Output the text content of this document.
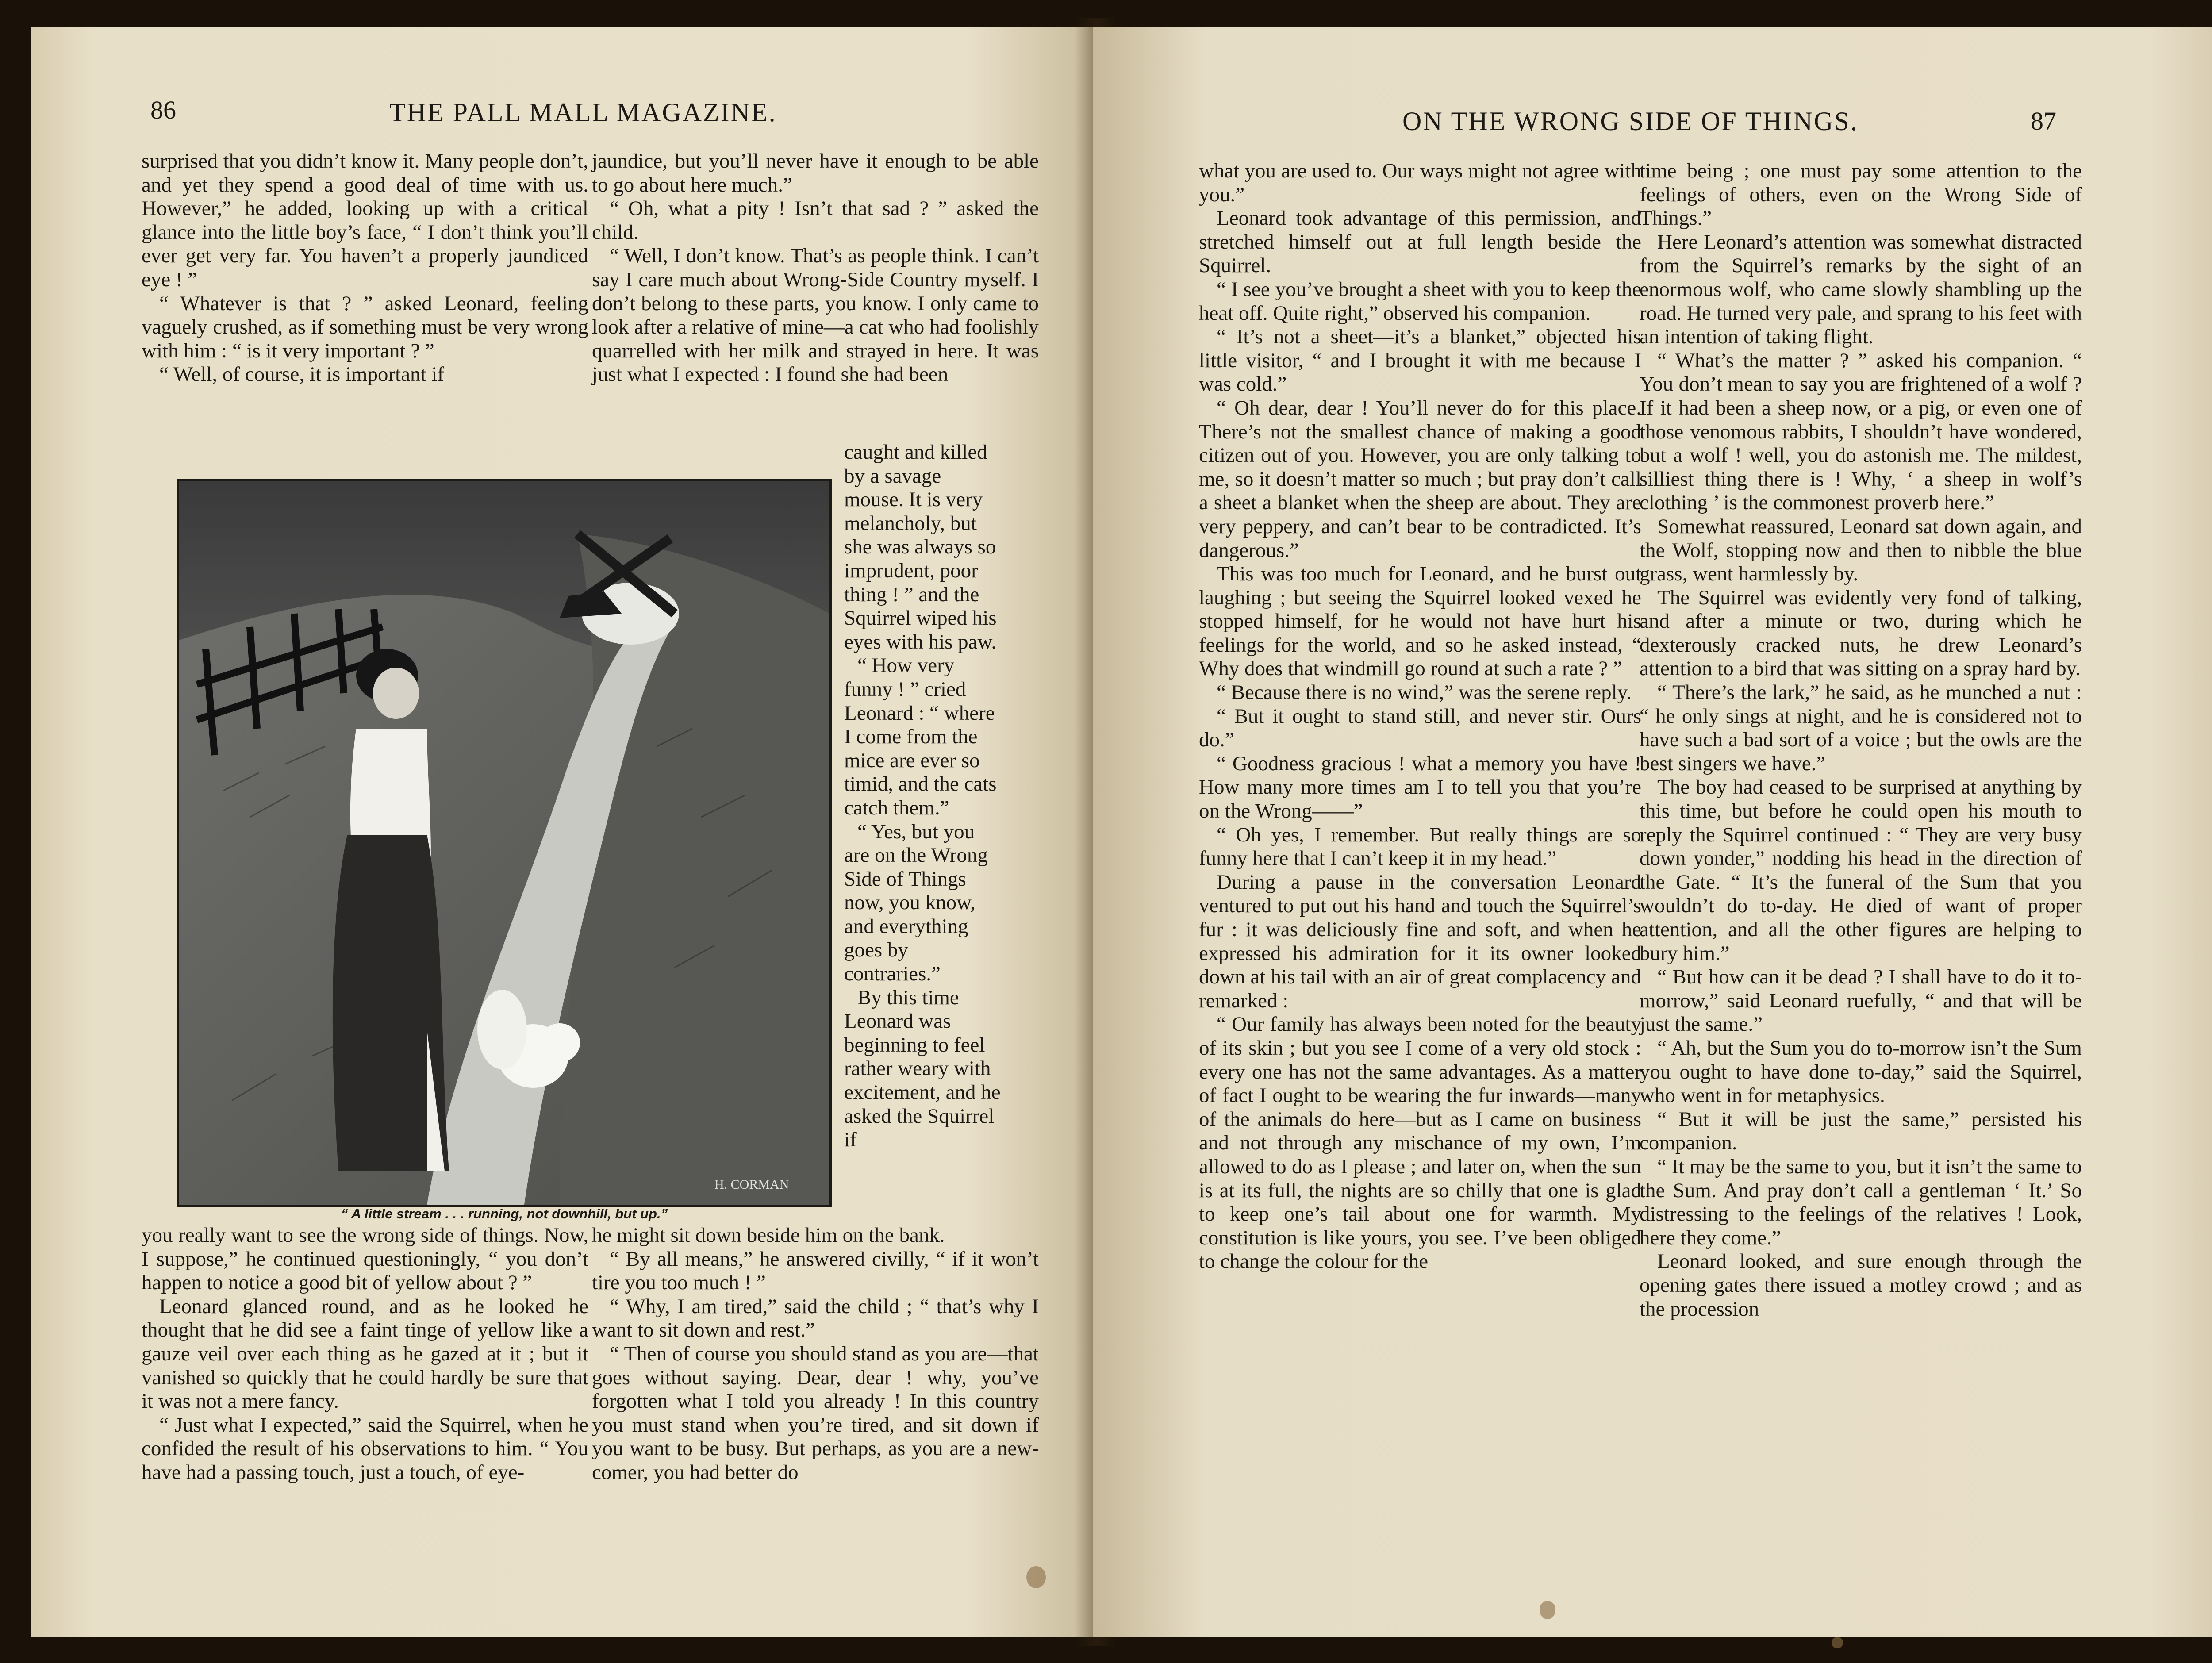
86	THE PALL MALL MAGAZINE.

surprised that you didn’t know it. Many people don’t, and yet they spend a good deal of time with us. However,” he added, looking up with a critical glance into the little boy’s face, “ I don’t think you’ll ever get very far. You haven’t a properly jaundiced eye ! ”

“ Whatever is that ? ” asked Leonard, feeling vaguely crushed, as if something must be very wrong with him : “ is it very important ? ”

“ Well, of course, it is important if

jaundice, but you’ll never have it enough to be able to go about here much.”

“ Oh, what a pity ! Isn’t that sad ? ” asked the child.

“ Well, I don’t know. That’s as people think. I can’t say I care much about Wrong-Side Country myself. I don’t belong to these parts, you know. I only came to look after a relative of mine—a cat who had foolishly quarrelled with her milk and strayed in here. It was just what I expected : I found she had been

H. CORMAN
“ A little stream . . . running, not downhill, but up.”

caught and killed by a savage mouse. It is very melancholy, but she was always so imprudent, poor thing ! ” and the Squirrel wiped his eyes with his paw.

“ How very funny ! ” cried Leonard : “ where I come from the mice are ever so timid, and the cats catch them.”

“ Yes, but you are on the Wrong Side of Things now, you know, and everything goes by contraries.”

By this time Leonard was beginning to feel rather weary with excitement, and he asked the Squirrel if

you really want to see the wrong side of things. Now, I suppose,” he continued questioningly, “ you don’t happen to notice a good bit of yellow about ? ”

Leonard glanced round, and as he looked he thought that he did see a faint tinge of yellow like a gauze veil over each thing as he gazed at it ; but it vanished so quickly that he could hardly be sure that it was not a mere fancy.

“ Just what I expected,” said the Squirrel, when he confided the result of his observations to him. “ You have had a passing touch, just a touch, of eye-

he might sit down beside him on the bank.

“ By all means,” he answered civilly, “ if it won’t tire you too much ! ”

“ Why, I am tired,” said the child ; “ that’s why I want to sit down and rest.”

“ Then of course you should stand as you are—that goes without saying. Dear, dear ! why, you’ve forgotten what I told you already ! In this country you must stand when you’re tired, and sit down if you want to be busy. But perhaps, as you are a new-comer, you had better do

ON THE WRONG SIDE OF THINGS.	87

what you are used to. Our ways might not agree with you.”

Leonard took advantage of this permission, and stretched himself out at full length beside the Squirrel.

“ I see you’ve brought a sheet with you to keep the heat off. Quite right,” observed his companion.

“ It’s not a sheet—it’s a blanket,” objected his little visitor, “ and I brought it with me because I was cold.”

“ Oh dear, dear ! You’ll never do for this place. There’s not the smallest chance of making a good citizen out of you. However, you are only talking to me, so it doesn’t matter so much ; but pray don’t call a sheet a blanket when the sheep are about. They are very peppery, and can’t bear to be contradicted. It’s dangerous.”

This was too much for Leonard, and he burst out laughing ; but seeing the Squirrel looked vexed he stopped himself, for he would not have hurt his feelings for the world, and so he asked instead, “ Why does that windmill go round at such a rate ? ”

“ Because there is no wind,” was the serene reply.

“ But it ought to stand still, and never stir. Ours do.”

“ Goodness gracious ! what a memory you have ! How many more times am I to tell you that you’re on the Wrong——”

“ Oh yes, I remember. But really things are so funny here that I can’t keep it in my head.”

During a pause in the conversation Leonard ventured to put out his hand and touch the Squirrel’s fur : it was deliciously fine and soft, and when he expressed his admiration for it its owner looked down at his tail with an air of great complacency and remarked :

“ Our family has always been noted for the beauty of its skin ; but you see I come of a very old stock : every one has not the same advantages. As a matter of fact I ought to be wearing the fur inwards—many of the animals do here—but as I came on business and not through any mischance of my own, I’m allowed to do as I please ; and later on, when the sun is at its full, the nights are so chilly that one is glad to keep one’s tail about one for warmth. My constitution is like yours, you see. I’ve been obliged to change the colour for the

time being ; one must pay some attention to the feelings of others, even on the Wrong Side of Things.”

Here Leonard’s attention was somewhat distracted from the Squirrel’s remarks by the sight of an enormous wolf, who came slowly shambling up the road. He turned very pale, and sprang to his feet with an intention of taking flight.

“ What’s the matter ? ” asked his companion. “ You don’t mean to say you are frightened of a wolf ? If it had been a sheep now, or a pig, or even one of those venomous rabbits, I shouldn’t have wondered, but a wolf ! well, you do astonish me. The mildest, silliest thing there is ! Why, ‘ a sheep in wolf’s clothing ’ is the commonest proverb here.”

Somewhat reassured, Leonard sat down again, and the Wolf, stopping now and then to nibble the blue grass, went harmlessly by.

The Squirrel was evidently very fond of talking, and after a minute or two, during which he dexterously cracked nuts, he drew Leonard’s attention to a bird that was sitting on a spray hard by.

“ There’s the lark,” he said, as he munched a nut : “ he only sings at night, and he is considered not to have such a bad sort of a voice ; but the owls are the best singers we have.”

The boy had ceased to be surprised at anything by this time, but before he could open his mouth to reply the Squirrel continued : “ They are very busy down yonder,” nodding his head in the direction of the Gate. “ It’s the funeral of the Sum that you wouldn’t do to-day. He died of want of proper attention, and all the other figures are helping to bury him.”

“ But how can it be dead ? I shall have to do it to-morrow,” said Leonard ruefully, “ and that will be just the same.”

“ Ah, but the Sum you do to-morrow isn’t the Sum you ought to have done to-day,” said the Squirrel, who went in for metaphysics.

“ But it will be just the same,” persisted his companion.

“ It may be the same to you, but it isn’t the same to the Sum. And pray don’t call a gentleman ‘ It.’ So distressing to the feelings of the relatives ! Look, here they come.”

Leonard looked, and sure enough through the opening gates there issued a motley crowd ; and as the procession
